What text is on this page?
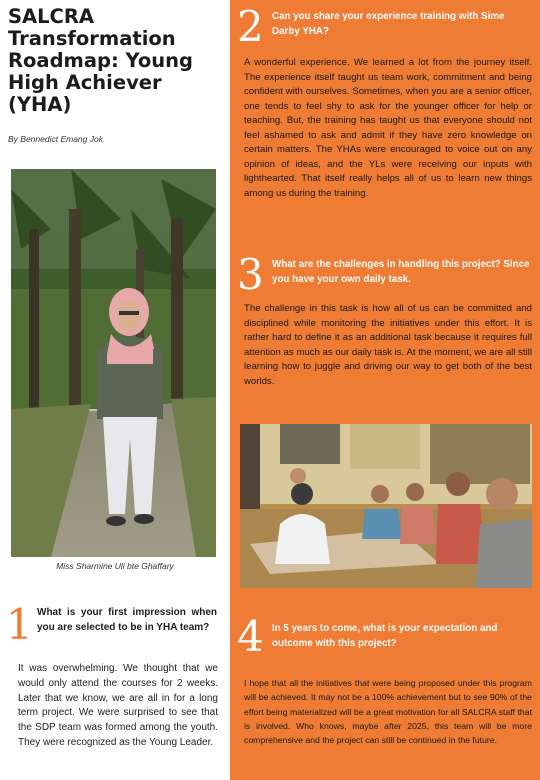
SALCRA Transformation Roadmap: Young High Achiever (YHA)
By Bennedict Emang Jok
Miss Sharmine Uli bte Ghaffary
1 What is your first impression when you are selected to be in YHA team?

It was overwhelming. We thought that we would only attend the courses for 2 weeks. Later that we know, we are all in for a long term project. We were surprised to see that the SDP team was formed among the youth. They were recognized as the Young Leader.

2 Can you share your experience training with Sime Darby YHA?

A wonderful experience. We learned a lot from the journey itself. The experience itself taught us team work, commitment and being confident with ourselves. Sometimes, when you are a senior officer, one tends to feel shy to ask for the younger officer for help or teaching. But, the training has taught us that everyone should not feel ashamed to ask and admit if they have zero knowledge on certain matters. The YHAs were encouraged to voice out on any opinion of ideas, and the YLs were receiving our inputs with lighthearted. That itself really helps all of us to learn new things among us during the training.

3 What are the challenges in handling this project? Since you have your own daily task.

The challenge in this task is how all of us can be committed and disciplined while monitoring the initiatives under this effort. It is rather hard to define it as an additional task because it requires full attention as much as our daily task is. At the moment, we are all still learning how to juggle and driving our way to get both of the best worlds.

4 In 5 years to come, what is your expectation and outcome with this project?

I hope that all the initiatives that were being proposed under this program will be achieved. It may not be a 100% achievement but to see 90% of the effort being materialized will be a great motivation for all SALCRA staff that is involved. Who knows, maybe after 2025, this team will be more comprehensive and the project can still be continued in the future.
